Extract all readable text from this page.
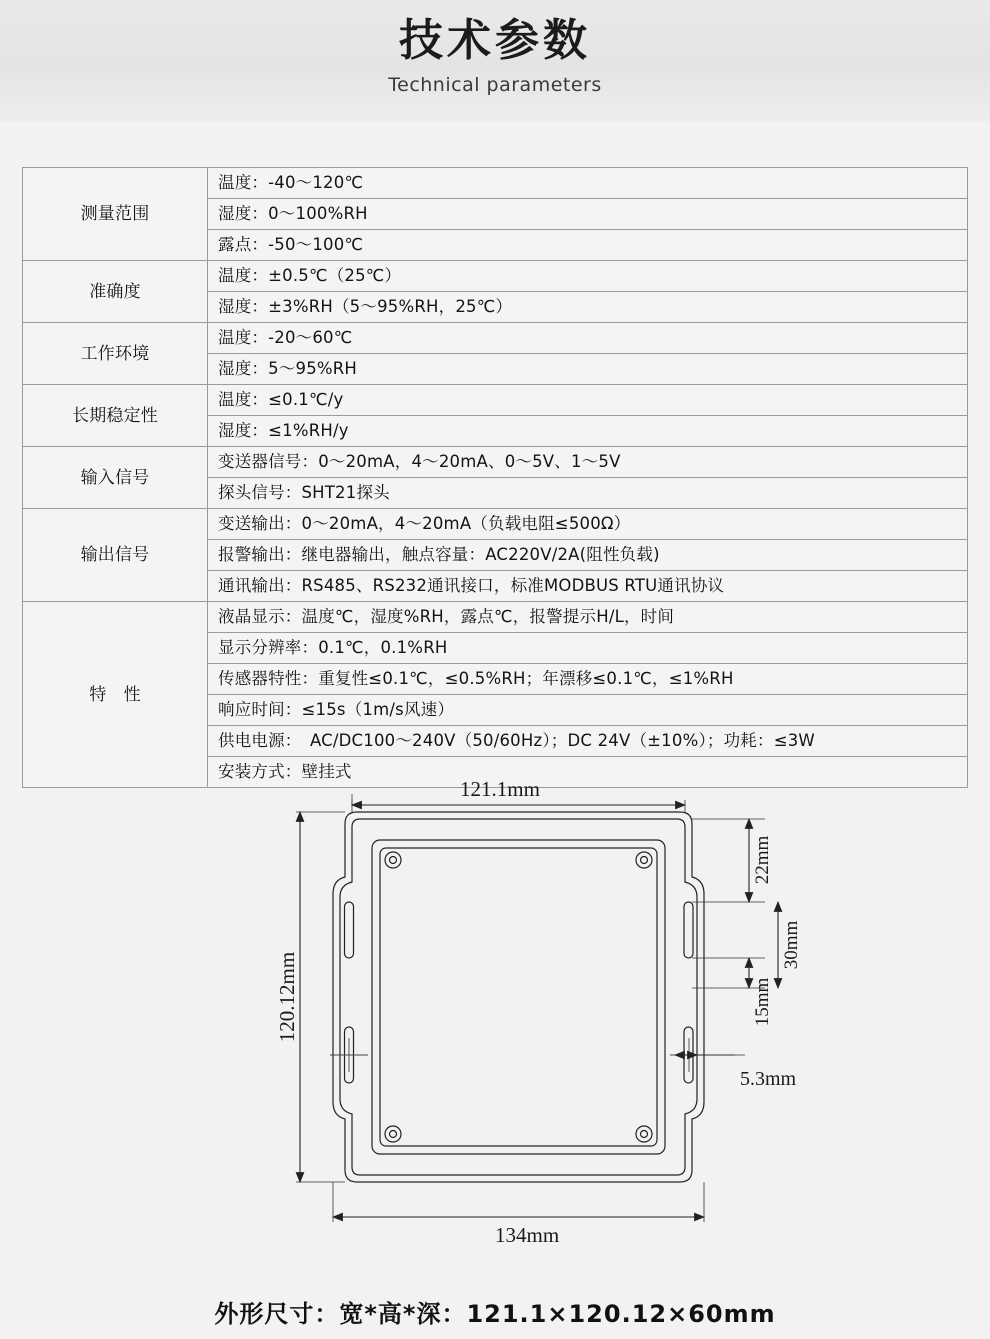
技术参数
Technical parameters
测量范围	温度：-40～120℃
	湿度：0～100%RH
	露点：-50～100℃
准确度	温度：±0.5℃（25℃）
	湿度：±3%RH（5～95%RH，25℃）
工作环境	温度：-20～60℃
	湿度：5～95%RH
长期稳定性	温度：≤0.1℃/y
	湿度：≤1%RH/y
输入信号	变送器信号：0～20mA，4～20mA、0～5V、1～5V
	探头信号：SHT21探头
输出信号	变送输出：0～20mA，4～20mA（负载电阻≤500Ω）
	报警输出：继电器输出，触点容量：AC220V/2A(阻性负载)
	通讯输出：RS485、RS232通讯接口，标准MODBUS RTU通讯协议
特　性	液晶显示：温度℃，湿度%RH，露点℃，报警提示H/L，时间
	显示分辨率：0.1℃，0.1%RH
	传感器特性：重复性≤0.1℃，≤0.5%RH；年漂移≤0.1℃，≤1%RH
	响应时间：≤15s（1m/s风速）
	供电电源：　AC/DC100～240V（50/60Hz）；DC 24V（±10%）；功耗：≤3W
	安装方式：壁挂式
121.1mm
134mm
120.12mm
22mm
30mm
15mm
5.3mm
外形尺寸：宽*高*深：121.1×120.12×60mm
